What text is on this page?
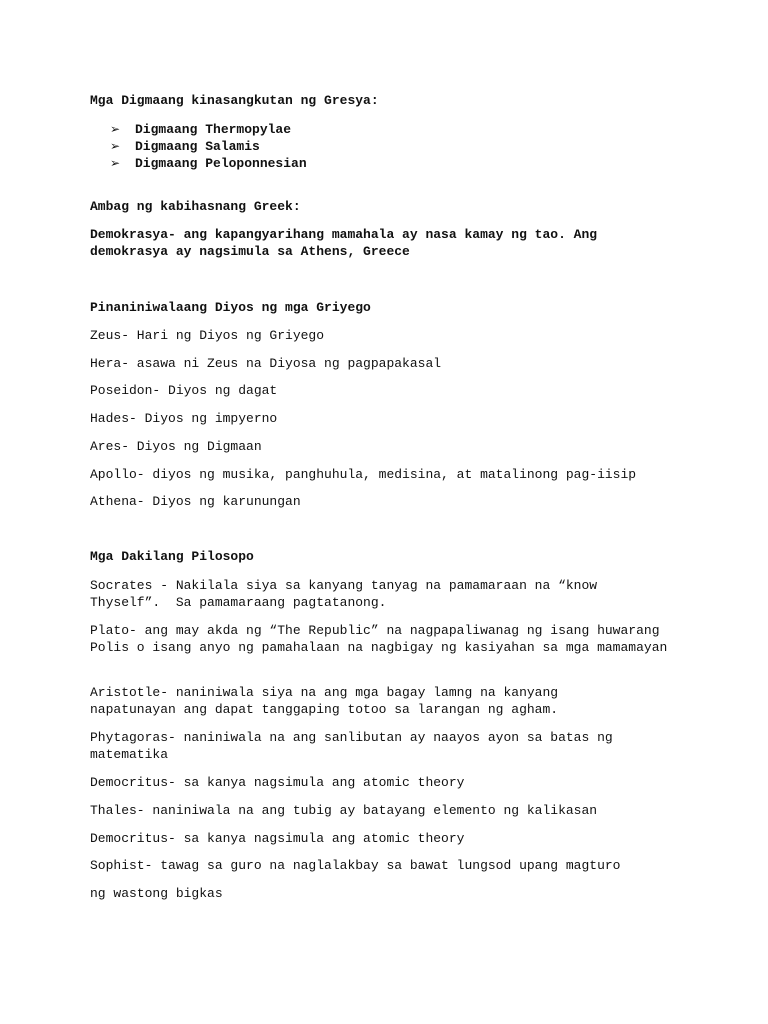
Mga Digmaang kinasangkutan ng Gresya:
➢	Digmaang Thermopylae
➢	Digmaang Salamis
➢	Digmaang Peloponnesian
Ambag ng kabihasnang Greek:
Demokrasya- ang kapangyarihang mamahala ay nasa kamay ng tao. Ang demokrasya ay nagsimula sa Athens, Greece
Pinaniniwalaang Diyos ng mga Griyego
Zeus- Hari ng Diyos ng Griyego
Hera- asawa ni Zeus na Diyosa ng pagpapakasal
Poseidon- Diyos ng dagat
Hades- Diyos ng impyerno
Ares- Diyos ng Digmaan
Apollo- diyos ng musika, panghuhula, medisina, at matalinong pag-iisip
Athena- Diyos ng karunungan
Mga Dakilang Pilosopo
Socrates - Nakilala siya sa kanyang tanyag na pamamaraan na “know Thyself”.  Sa pamamaraang pagtatanong.
Plato- ang may akda ng “The Republic” na nagpapaliwanag ng isang huwarang Polis o isang anyo ng pamahalaan na nagbigay ng kasiyahan sa mga mamamayan
Aristotle- naniniwala siya na ang mga bagay lamng na kanyang napatunayan ang dapat tanggaping totoo sa larangan ng agham.
Phytagoras- naniniwala na ang sanlibutan ay naayos ayon sa batas ng matematika
Democritus- sa kanya nagsimula ang atomic theory
Thales- naniniwala na ang tubig ay batayang elemento ng kalikasan
Democritus- sa kanya nagsimula ang atomic theory
Sophist- tawag sa guro na naglalakbay sa bawat lungsod upang magturo
ng wastong bigkas
